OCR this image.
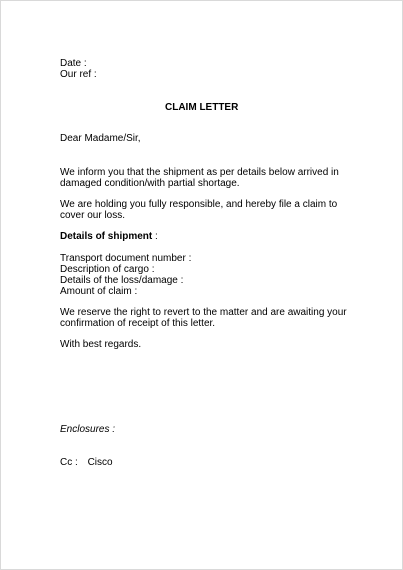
Date :
Our ref :
CLAIM LETTER
Dear Madame/Sir,
We inform you that the shipment as per details below arrived in
damaged condition/with partial shortage.
We are holding you fully responsible, and hereby file a claim to
cover our loss.
Details of shipment :
Transport document number :
Description of cargo :
Details of the loss/damage :
Amount of claim :
We reserve the right to revert to the matter and are awaiting your
confirmation of receipt of this letter.
With best regards.
Enclosures :
Cc : Cisco
